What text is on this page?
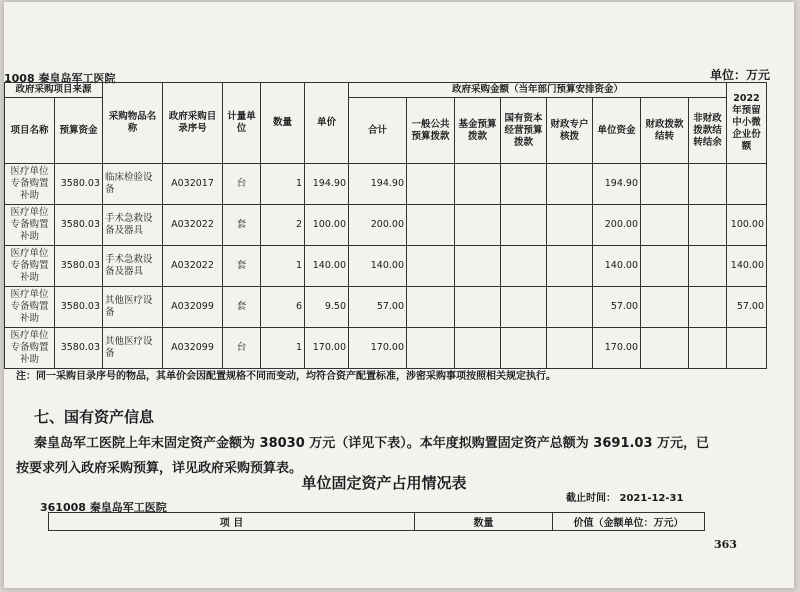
1008 秦皇岛军工医院	单位：万元
政府采购项目来源		采购物品名称	政府采购目录序号	计量单位	数量	单价	政府采购金额（当年部门预算安排资金）								2022 年预留中小微企业份额
项目名称	预算资金						合计	一般公共预算拨款	基金预算拨款	国有资本经营预算拨款	财政专户核拨	单位资金	财政拨款结转	非财政拨款结转结余	
医疗单位专备购置补助	3580.03	临床检验设备	A032017	台	1	194.90	194.90					194.90			
医疗单位专备购置补助	3580.03	手术急救设备及器具	A032022	套	2	100.00	200.00					200.00			100.00
医疗单位专备购置补助	3580.03	手术急救设备及器具	A032022	套	1	140.00	140.00					140.00			140.00
医疗单位专备购置补助	3580.03	其他医疗设备	A032099	套	6	9.50	57.00					57.00			57.00
医疗单位专备购置补助	3580.03	其他医疗设备	A032099	台	1	170.00	170.00					170.00			
注：同一采购目录序号的物品，其单价会因配置规格不同而变动，均符合资产配置标准，涉密采购事项按照相关规定执行。
七、国有资产信息
秦皇岛军工医院上年末固定资产金额为 38030 万元（详见下表）。本年度拟购置固定资产总额为 3691.03 万元，已
按要求列入政府采购预算，详见政府采购预算表。
单位固定资产占用情况表
截止时间： 2021-12-31
361008 秦皇岛军工医院
项 目	数量	价值（金额单位：万元）
363
